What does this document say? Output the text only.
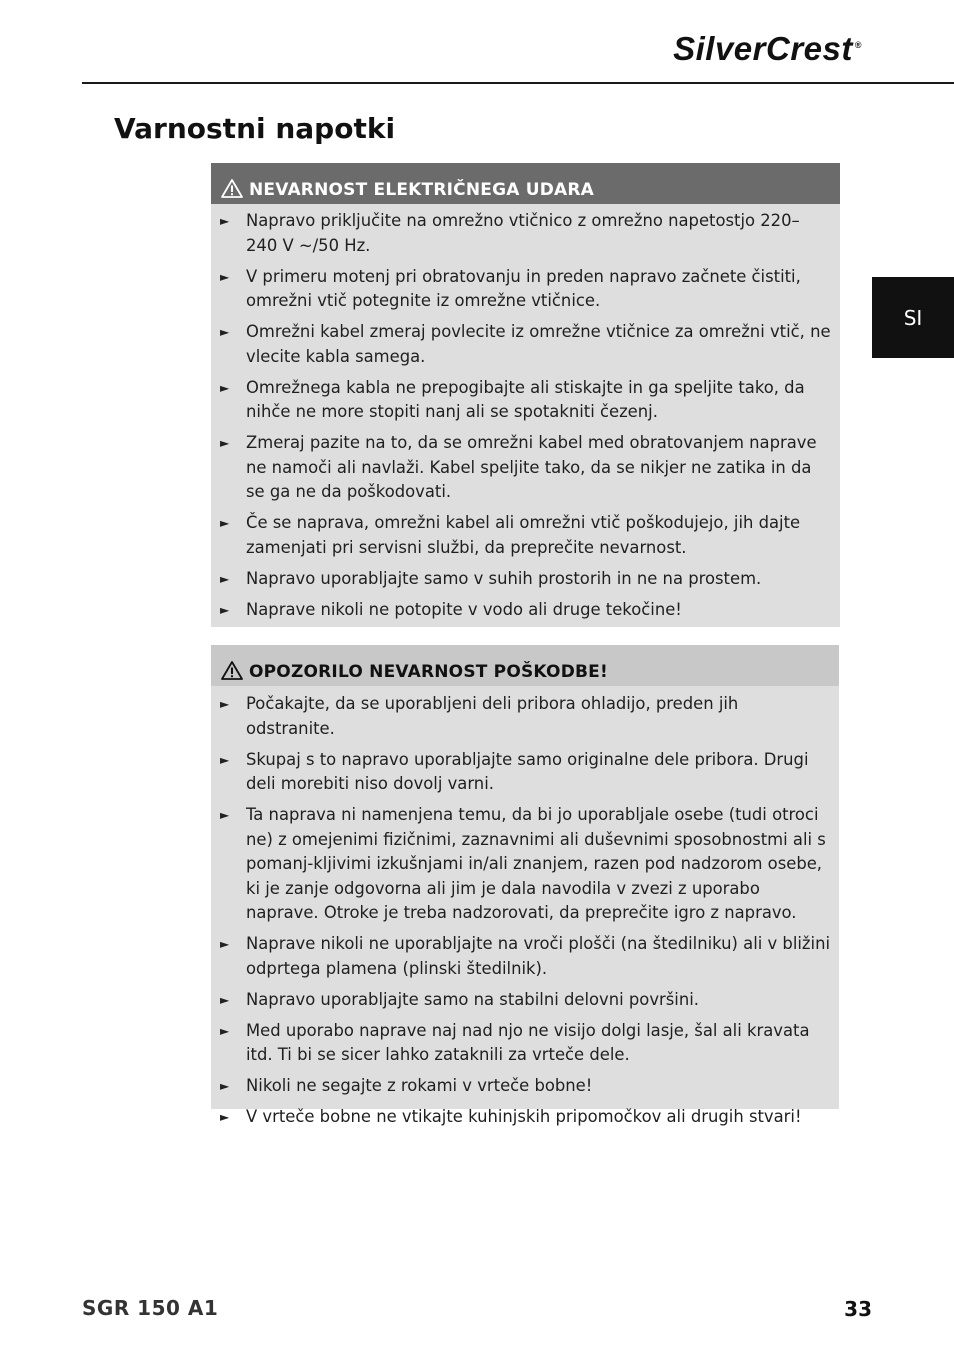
SilverCrest ®
Varnostni napotki
SI
NEVARNOST ELEKTRIČNEGA UDARA
► Napravo priključite na omrežno vtičnico z omrežno napetostjo 220–
240 V ~/50 Hz.
► V primeru motenj pri obratovanju in preden napravo začnete čistiti, omrežni vtič potegnite iz omrežne vtičnice.
► Omrežni kabel zmeraj povlecite iz omrežne vtičnice za omrežni vtič, ne vlecite kabla samega.
► Omrežnega kabla ne prepogibajte ali stiskajte in ga speljite tako, da nihče ne more stopiti nanj ali se spotakniti čezenj.
► Zmeraj pazite na to, da se omrežni kabel med obratovanjem naprave ne namoči ali navlaži. Kabel speljite tako, da se nikjer ne zatika in da se ga ne da poškodovati.
► Če se naprava, omrežni kabel ali omrežni vtič poškodujejo, jih dajte zamenjati pri servisni službi, da preprečite nevarnost.
► Napravo uporabljajte samo v suhih prostorih in ne na prostem.
► Naprave nikoli ne potopite v vodo ali druge tekočine!
OPOZORILO NEVARNOST POŠKODBE!
► Počakajte, da se uporabljeni deli pribora ohladijo, preden jih odstranite.
► Skupaj s to napravo uporabljajte samo originalne dele pribora. Drugi deli morebiti niso dovolj varni.
► Ta naprava ni namenjena temu, da bi jo uporabljale osebe (tudi otroci ne) z omejenimi fizičnimi, zaznavnimi ali duševnimi sposobnostmi ali s pomanj-kljivimi izkušnjami in/ali znanjem, razen pod nadzorom osebe, ki je zanje odgovorna ali jim je dala navodila v zvezi z uporabo naprave. Otroke je treba nadzorovati, da preprečite igro z napravo.
► Naprave nikoli ne uporabljajte na vroči plošči (na štedilniku) ali v bližini odprtega plamena (plinski štedilnik).
► Napravo uporabljajte samo na stabilni delovni površini.
► Med uporabo naprave naj nad njo ne visijo dolgi lasje, šal ali kravata itd. Ti bi se sicer lahko zataknili za vrteče dele.
► Nikoli ne segajte z rokami v vrteče bobne!
► V vrteče bobne ne vtikajte kuhinjskih pripomočkov ali drugih stvari!
SGR 150 A1	33
